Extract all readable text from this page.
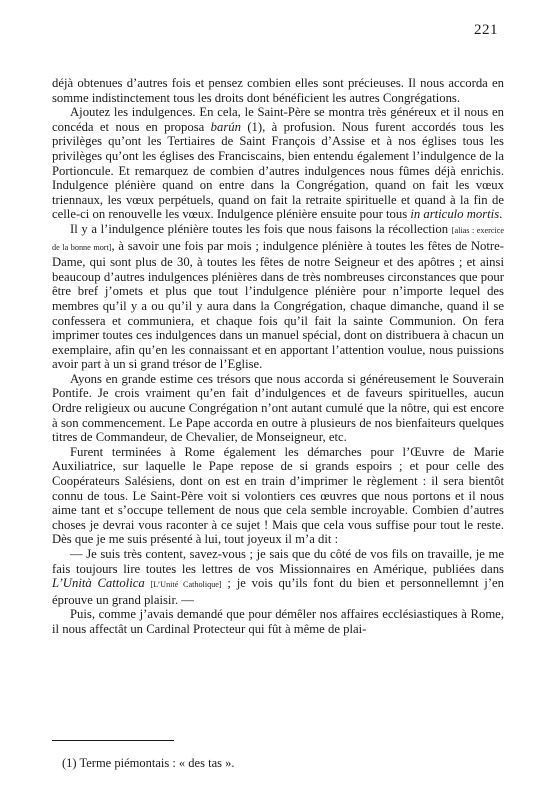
221

déjà obtenues d’autres fois et pensez combien elles sont précieuses. Il nous accorda en somme indistinctement tous les droits dont bénéficient les autres Congrégations.

Ajoutez les indulgences. En cela, le Saint-Père se montra très généreux et il nous en concéda et nous en proposa barún (1), à profusion. Nous furent accordés tous les privilèges qu’ont les Tertiaires de Saint François d’Assise et à nos églises tous les privilèges qu’ont les églises des Franciscains, bien entendu également l’indulgence de la Portioncule. Et remarquez de combien d’autres indulgences nous fûmes déjà enrichis. Indulgence plénière quand on entre dans la Congrégation, quand on fait les vœux triennaux, les vœux perpétuels, quand on fait la retraite spirituelle et quand à la fin de celle-ci on renouvelle les vœux. Indulgence plénière ensuite pour tous in articulo mortis.

Il y a l’indulgence plénière toutes les fois que nous faisons la récollection [alias : exercice de la bonne mort], à savoir une fois par mois ; indulgence plénière à toutes les fêtes de Notre-Dame, qui sont plus de 30, à toutes les fêtes de notre Seigneur et des apôtres ; et ainsi beaucoup d’autres indulgences plénières dans de très nombreuses circonstances que pour être bref j’omets et plus que tout l’indulgence plénière pour n’importe lequel des membres qu’il y a ou qu’il y aura dans la Congrégation, chaque dimanche, quand il se confessera et communiera, et chaque fois qu’il fait la sainte Communion. On fera imprimer toutes ces indulgences dans un manuel spécial, dont on distribuera à chacun un exemplaire, afin qu’en les connaissant et en apportant l’attention voulue, nous puissions avoir part à un si grand trésor de l’Eglise.

Ayons en grande estime ces trésors que nous accorda si généreusement le Souverain Pontife. Je crois vraiment qu’en fait d’indulgences et de faveurs spirituelles, aucun Ordre religieux ou aucune Congrégation n’ont autant cumulé que la nôtre, qui est encore à son commencement. Le Pape accorda en outre à plusieurs de nos bienfaiteurs quelques titres de Commandeur, de Chevalier, de Monseigneur, etc.

Furent terminées à Rome également les démarches pour l’Œuvre de Marie Auxiliatrice, sur laquelle le Pape repose de si grands espoirs ; et pour celle des Coopérateurs Salésiens, dont on est en train d’imprimer le règlement : il sera bientôt connu de tous. Le Saint-Père voit si volontiers ces œuvres que nous portons et il nous aime tant et s’occupe tellement de nous que cela semble incroyable. Combien d’autres choses je devrai vous raconter à ce sujet ! Mais que cela vous suffise pour tout le reste. Dès que je me suis présenté à lui, tout joyeux il m’a dit :

— Je suis très content, savez-vous ; je sais que du côté de vos fils on travaille, je me fais toujours lire toutes les lettres de vos Missionnaires en Amérique, publiées dans L’Unità Cattolica [L’Unité Catholique] ; je vois qu’ils font du bien et personnellemnt j’en éprouve un grand plaisir. —

Puis, comme j’avais demandé que pour démêler nos affaires ecclésiastiques à Rome, il nous affectât un Cardinal Protecteur qui fût à même de plai-

(1) Terme piémontais : « des tas ».
